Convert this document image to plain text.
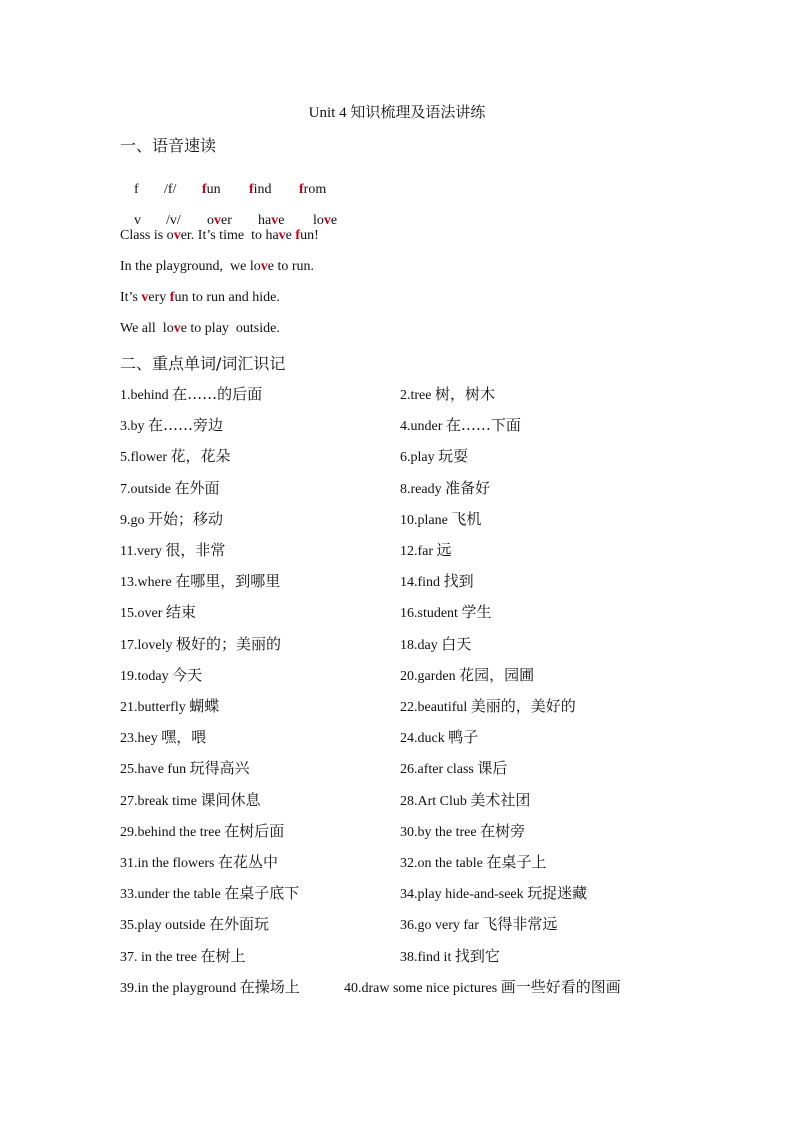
Unit 4 知识梳理及语法讲练
一、语音速读

f /f/ fun find from

v /v/ over have love

Class is over. It’s time  to have fun!
In the playground,  we love to run.
It’s very fun to run and hide.
We all  love to play  outside.
二、重点单词/词汇识记
1.behind 在……的后面
3.by 在……旁边
5.flower 花，花朵
7.outside 在外面
9.go 开始；移动
11.very 很，非常
13.where 在哪里，到哪里
15.over 结束
17.lovely 极好的；美丽的
19.today 今天
21.butterfly 蝴蝶
23.hey 嘿，喂
25.have fun 玩得高兴
27.break time 课间休息
29.behind the tree 在树后面
31.in the flowers 在花丛中
33.under the table 在桌子底下
35.play outside 在外面玩
37. in the tree 在树上
39.in the playground 在操场上
2.tree 树，树木
4.under 在……下面
6.play 玩耍
8.ready 准备好
10.plane 飞机
12.far 远
14.find 找到
16.student 学生
18.day 白天
20.garden 花园，园圃
22.beautiful 美丽的，美好的
24.duck 鸭子
26.after class 课后
28.Art Club 美术社团
30.by the tree 在树旁
32.on the table 在桌子上
34.play hide-and-seek 玩捉迷藏
36.go very far 飞得非常远
38.find it 找到它
40.draw some nice pictures 画一些好看的图画
